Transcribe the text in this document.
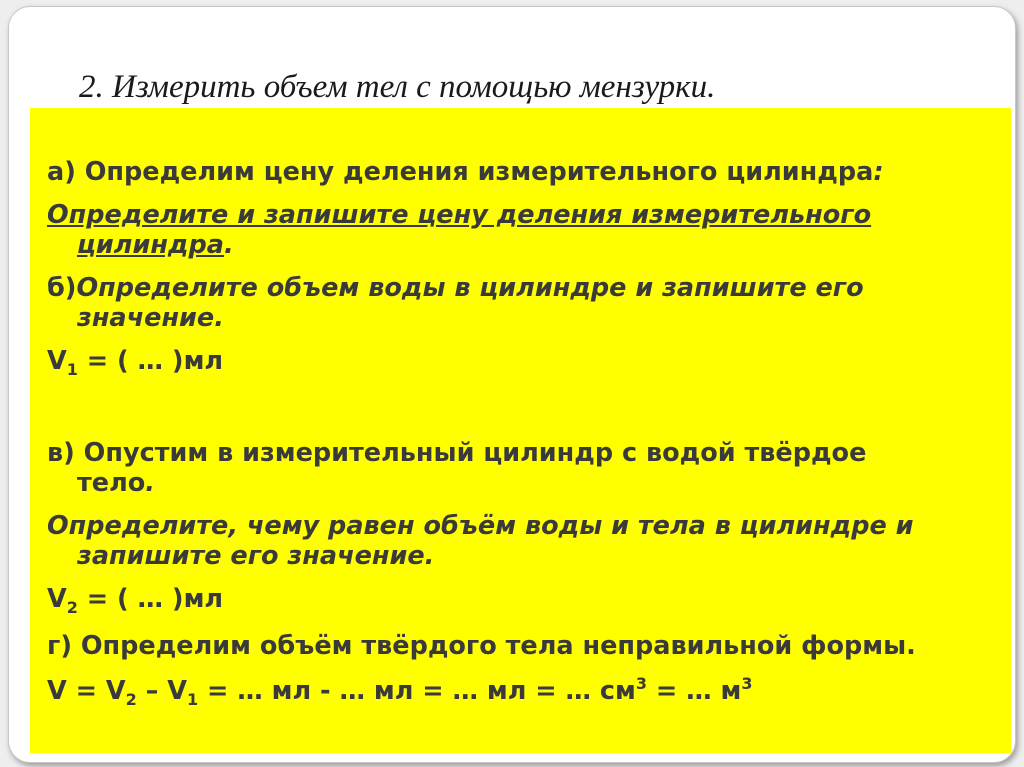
2. Измерить объем тел с помощью мензурки.
а) Определим цену деления измерительного цилиндра:
Определите и запишите цену деления измерительного
цилиндра.
б)Определите объем воды в цилиндре и запишите его
значение.
$V_1$ = ( … )мл
в) Опустим в измерительный цилиндр с водой твёрдое
тело.
Определите, чему равен объём воды и тела в цилиндре и
запишите его значение.
$V_2$ = ( … )мл
г) Определим объём твёрдого тела неправильной формы.
$V = V_2 - V_1$ = … мл - … мл = … мл = … $см^3$ = … $м^3$
